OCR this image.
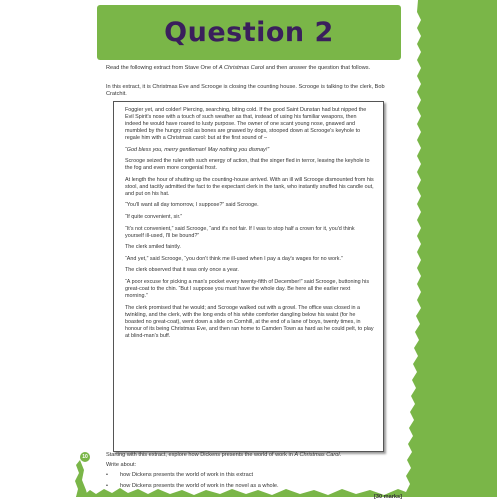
Question 2

Read the following extract from Stave One of A Christmas Carol and then answer the question that follows.

In this extract, it is Christmas Eve and Scrooge is closing the counting house. Scrooge is talking to the clerk, Bob Cratchit.

Foggier yet, and colder! Piercing, searching, biting cold. If the good Saint Dunstan had but nipped the Evil Spirit's nose with a touch of such weather as that, instead of using his familiar weapons, then indeed he would have roared to lusty purpose. The owner of one scant young nose, gnawed and mumbled by the hungry cold as bones are gnawed by dogs, stooped down at Scrooge's keyhole to regale him with a Christmas carol: but at the first sound of –

“God bless you, merry gentleman! May nothing you dismay!”

Scrooge seized the ruler with such energy of action, that the singer fled in terror, leaving the keyhole to the fog and even more congenial frost.

At length the hour of shutting up the counting-house arrived. With an ill will Scrooge dismounted from his stool, and tacitly admitted the fact to the expectant clerk in the tank, who instantly snuffed his candle out, and put on his hat.

“You'll want all day tomorrow, I suppose?” said Scrooge.

“If quite convenient, sir.”

“It's not convenient,” said Scrooge, “and it's not fair. If I was to stop half a crown for it, you'd think yourself ill-used, I'll be bound?”

The clerk smiled faintly.

“And yet,” said Scrooge, “you don't think me ill-used when I pay a day's wages for no work.”

The clerk observed that it was only once a year.

“A poor excuse for picking a man's pocket every twenty-fifth of December!” said Scrooge, buttoning his great-coat to the chin. “But I suppose you must have the whole day. Be here all the earlier next morning.”

The clerk promised that he would; and Scrooge walked out with a growl. The office was closed in a twinkling, and the clerk, with the long ends of his white comforter dangling below his waist (for he boasted no great-coat), went down a slide on Cornhill, at the end of a lane of boys, twenty times, in honour of its being Christmas Eve, and then ran home to Camden Town as hard as he could pelt, to play at blind-man's buff.

Starting with this extract, explore how Dickens presents the world of work in A Christmas Carol.

Write about:

•	how Dickens presents the world of work in this extract
•	how Dickens presents the world of work in the novel as a whole.
[30 marks]
10
